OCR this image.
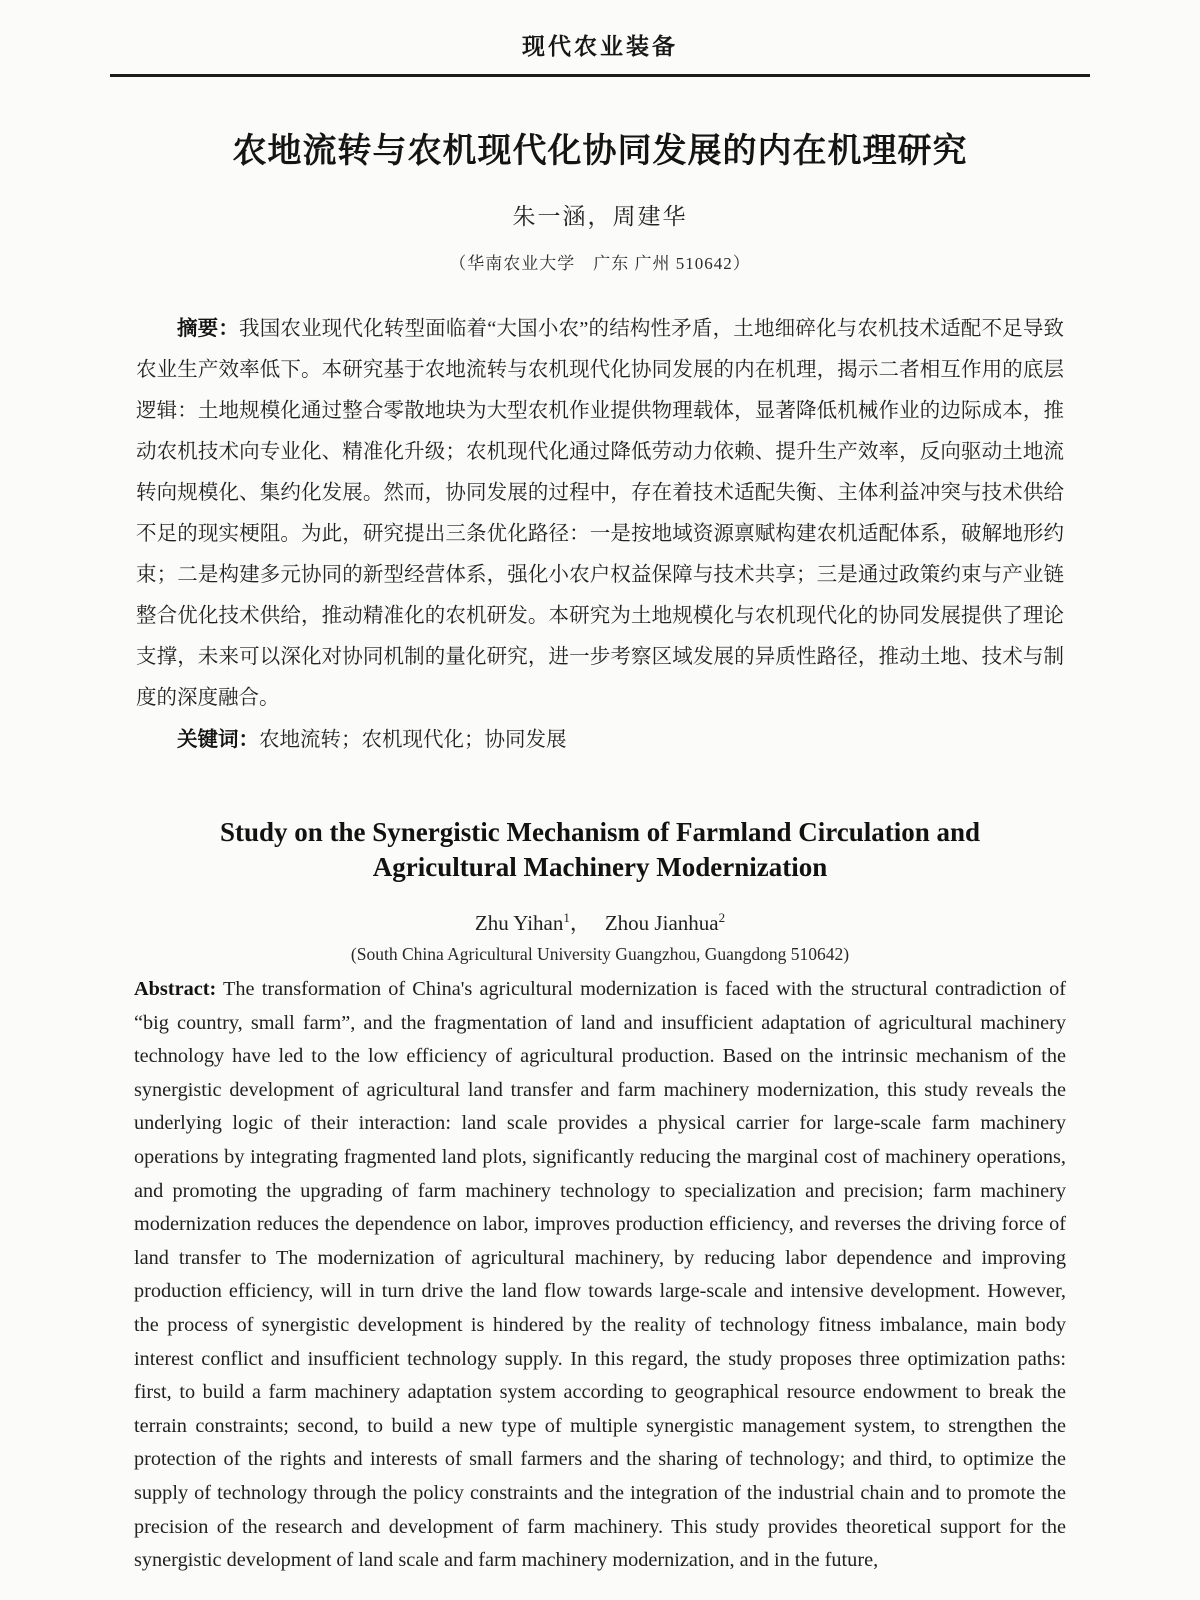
现代农业装备
农地流转与农机现代化协同发展的内在机理研究
朱一涵，周建华
（华南农业大学　广东 广州 510642）

摘要：我国农业现代化转型面临着“大国小农”的结构性矛盾，土地细碎化与农机技术适配不足导致农业生产效率低下。本研究基于农地流转与农机现代化协同发展的内在机理，揭示二者相互作用的底层逻辑：土地规模化通过整合零散地块为大型农机作业提供物理载体，显著降低机械作业的边际成本，推动农机技术向专业化、精准化升级；农机现代化通过降低劳动力依赖、提升生产效率，反向驱动土地流转向规模化、集约化发展。然而，协同发展的过程中，存在着技术适配失衡、主体利益冲突与技术供给不足的现实梗阻。为此，研究提出三条优化路径：一是按地域资源禀赋构建农机适配体系，破解地形约束；二是构建多元协同的新型经营体系，强化小农户权益保障与技术共享；三是通过政策约束与产业链整合优化技术供给，推动精准化的农机研发。本研究为土地规模化与农机现代化的协同发展提供了理论支撑，未来可以深化对协同机制的量化研究，进一步考察区域发展的异质性路径，推动土地、技术与制度的深度融合。

关键词：农地流转；农机现代化；协同发展

Study on the Synergistic Mechanism of Farmland Circulation and
Agricultural Machinery Modernization
Zhu Yihan$^1$， Zhou Jianhua$^2$
(South China Agricultural University Guangzhou, Guangdong 510642)

Abstract: The transformation of China's agricultural modernization is faced with the structural contradiction of “big country, small farm”, and the fragmentation of land and insufficient adaptation of agricultural machinery technology have led to the low efficiency of agricultural production. Based on the intrinsic mechanism of the synergistic development of agricultural land transfer and farm machinery modernization, this study reveals the underlying logic of their interaction: land scale provides a physical carrier for large-scale farm machinery operations by integrating fragmented land plots, significantly reducing the marginal cost of machinery operations, and promoting the upgrading of farm machinery technology to specialization and precision; farm machinery modernization reduces the dependence on labor, improves production efficiency, and reverses the driving force of land transfer to The modernization of agricultural machinery, by reducing labor dependence and improving production efficiency, will in turn drive the land flow towards large-scale and intensive development. However, the process of synergistic development is hindered by the reality of technology fitness imbalance, main body interest conflict and insufficient technology supply. In this regard, the study proposes three optimization paths: first, to build a farm machinery adaptation system according to geographical resource endowment to break the terrain constraints; second, to build a new type of multiple synergistic management system, to strengthen the protection of the rights and interests of small farmers and the sharing of technology; and third, to optimize the supply of technology through the policy constraints and the integration of the industrial chain and to promote the precision of the research and development of farm machinery. This study provides theoretical support for the synergistic development of land scale and farm machinery modernization, and in the future,
